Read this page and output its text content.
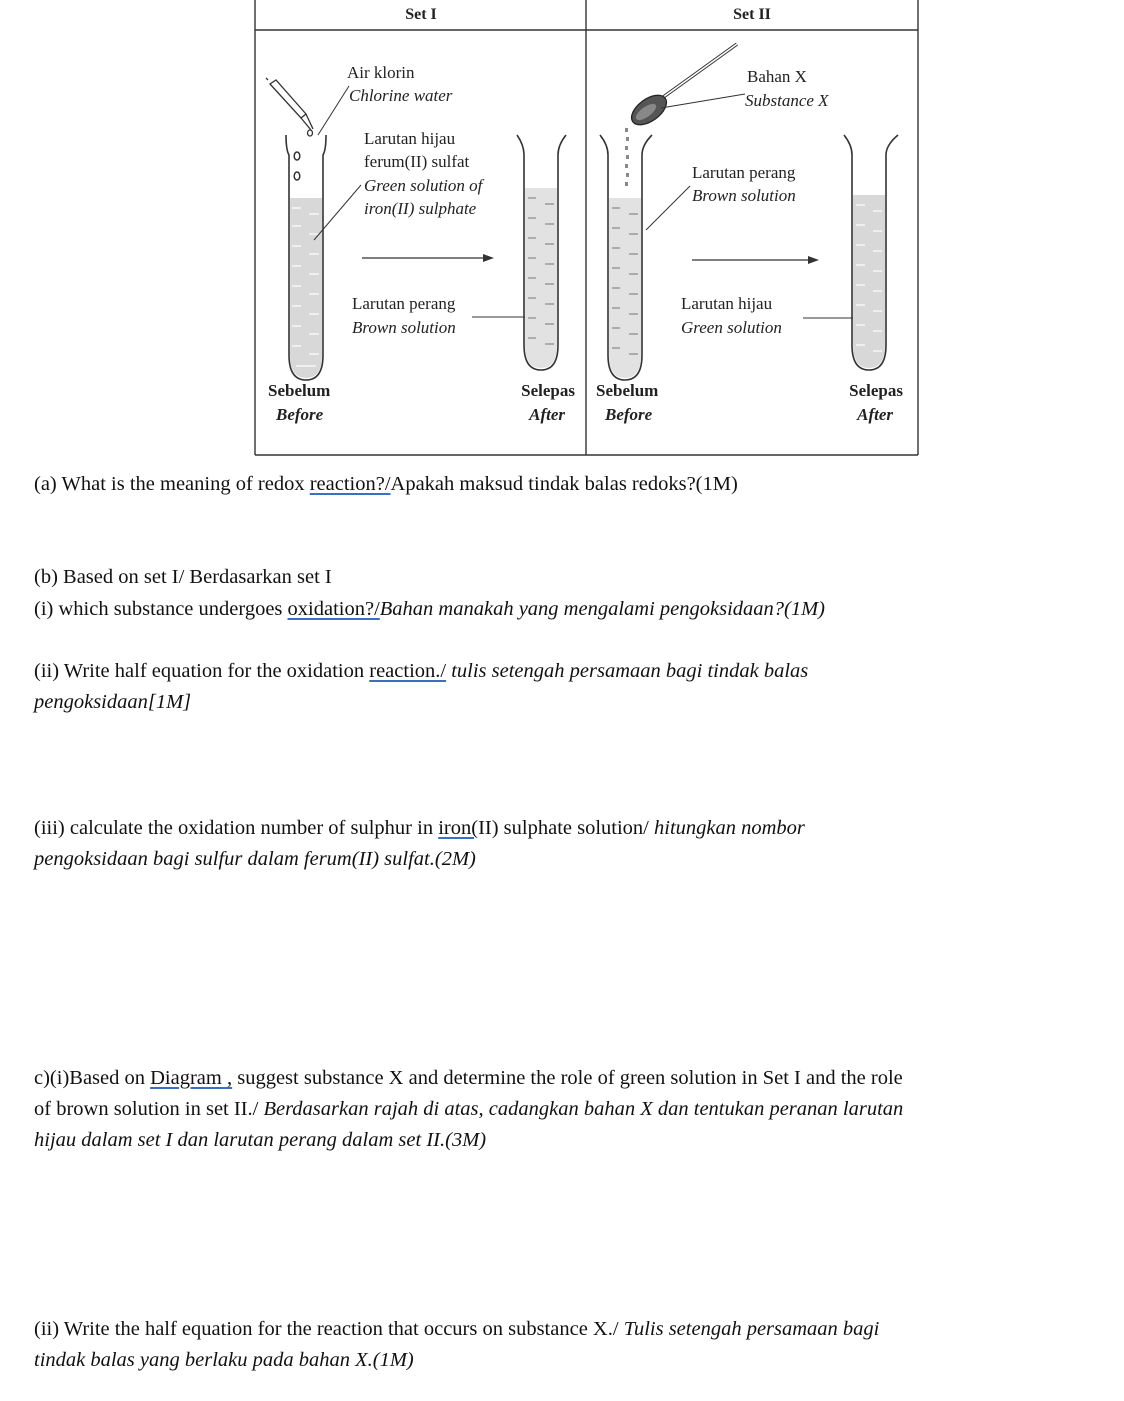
Set I	Set II
Air klorin
Chlorine water
Larutan hijau
ferum(II) sulfat
Green solution of
iron(II) sulphate
Larutan perang
Brown solution
Sebelum
Before
Selepas
After
Bahan X
Substance X
Larutan perang
Brown solution
Larutan hijau
Green solution
Sebelum
Before
Selepas
After
(a) What is the meaning of redox reaction?/Apakah maksud tindak balas redoks?(1M)
(b) Based on set I/ Berdasarkan set I
(i) which substance undergoes oxidation?/Bahan manakah yang mengalami pengoksidaan?(1M)
(ii) Write half equation for the oxidation reaction./ tulis setengah persamaan bagi tindak balas
pengoksidaan[1M]
(iii) calculate the oxidation number of sulphur in iron(II) sulphate solution/ hitungkan nombor
pengoksidaan bagi sulfur dalam ferum(II) sulfat.(2M)
c)(i)Based on Diagram , suggest substance X and determine the role of green solution in Set I and the role
of brown solution in set II./ Berdasarkan rajah di atas, cadangkan bahan X dan tentukan peranan larutan
hijau dalam set I dan larutan perang dalam set II.(3M)
(ii) Write the half equation for the reaction that occurs on substance X./ Tulis setengah persamaan bagi
tindak balas yang berlaku pada bahan X.(1M)
